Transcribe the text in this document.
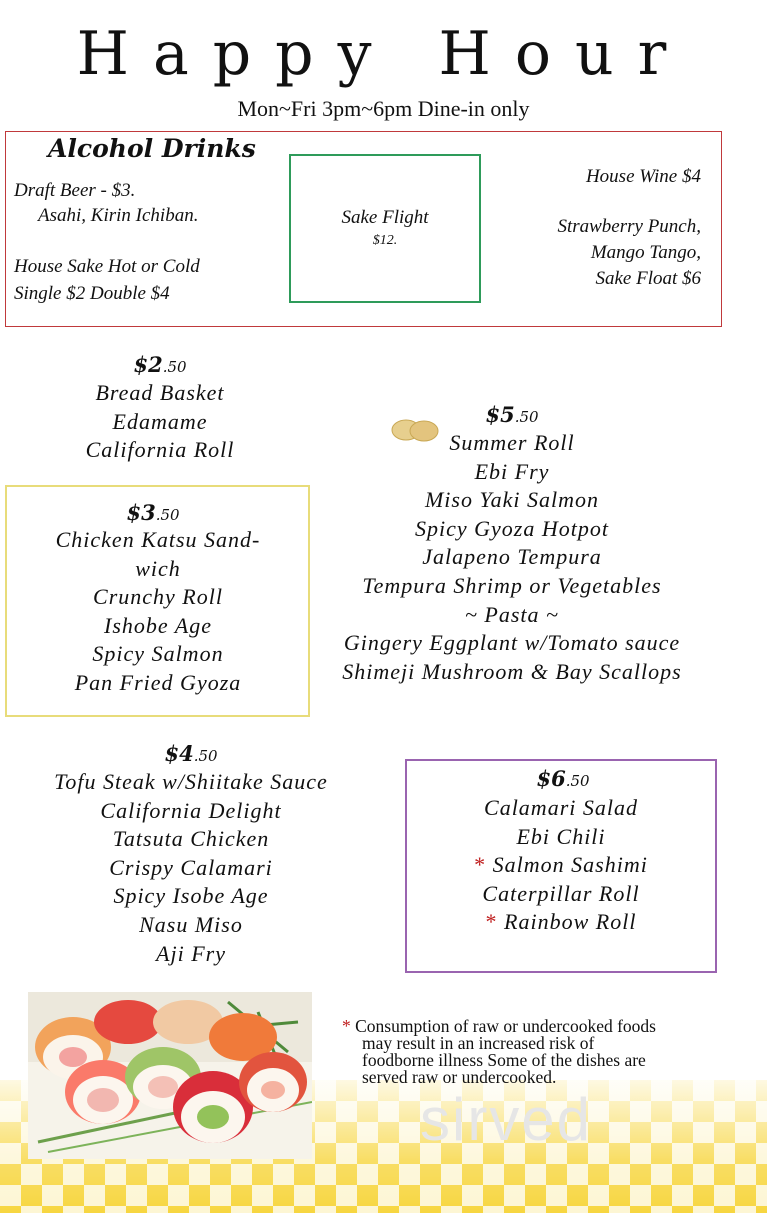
Happy Hour
Mon~Fri 3pm~6pm Dine-in only
Alcohol Drinks
Draft Beer - $3.
Asahi, Kirin Ichiban.
House Sake Hot or Cold
Single $2 Double $4
Sake Flight
$12.
House Wine $4
Strawberry Punch,
Mango Tango,
Sake Float $6
$2.50
Bread Basket
Edamame
California Roll
$3.50
Chicken Katsu Sand-
wich
Crunchy Roll
Ishobe Age
Spicy Salmon
Pan Fried Gyoza
$5.50
Summer Roll
Ebi Fry
Miso Yaki Salmon
Spicy Gyoza Hotpot
Jalapeno Tempura
Tempura Shrimp or Vegetables
~ Pasta ~
Gingery Eggplant w/Tomato sauce
Shimeji Mushroom & Bay Scallops
$4.50
Tofu Steak w/Shiitake Sauce
California Delight
Tatsuta Chicken
Crispy Calamari
Spicy Isobe Age
Nasu Miso
Aji Fry
$6.50
Calamari Salad
Ebi Chili
* Salmon Sashimi
Caterpillar Roll
* Rainbow Roll
sirved
* Consumption of raw or undercooked foods
may result in an increased risk of
foodborne illness Some of the dishes are
served raw or undercooked.
